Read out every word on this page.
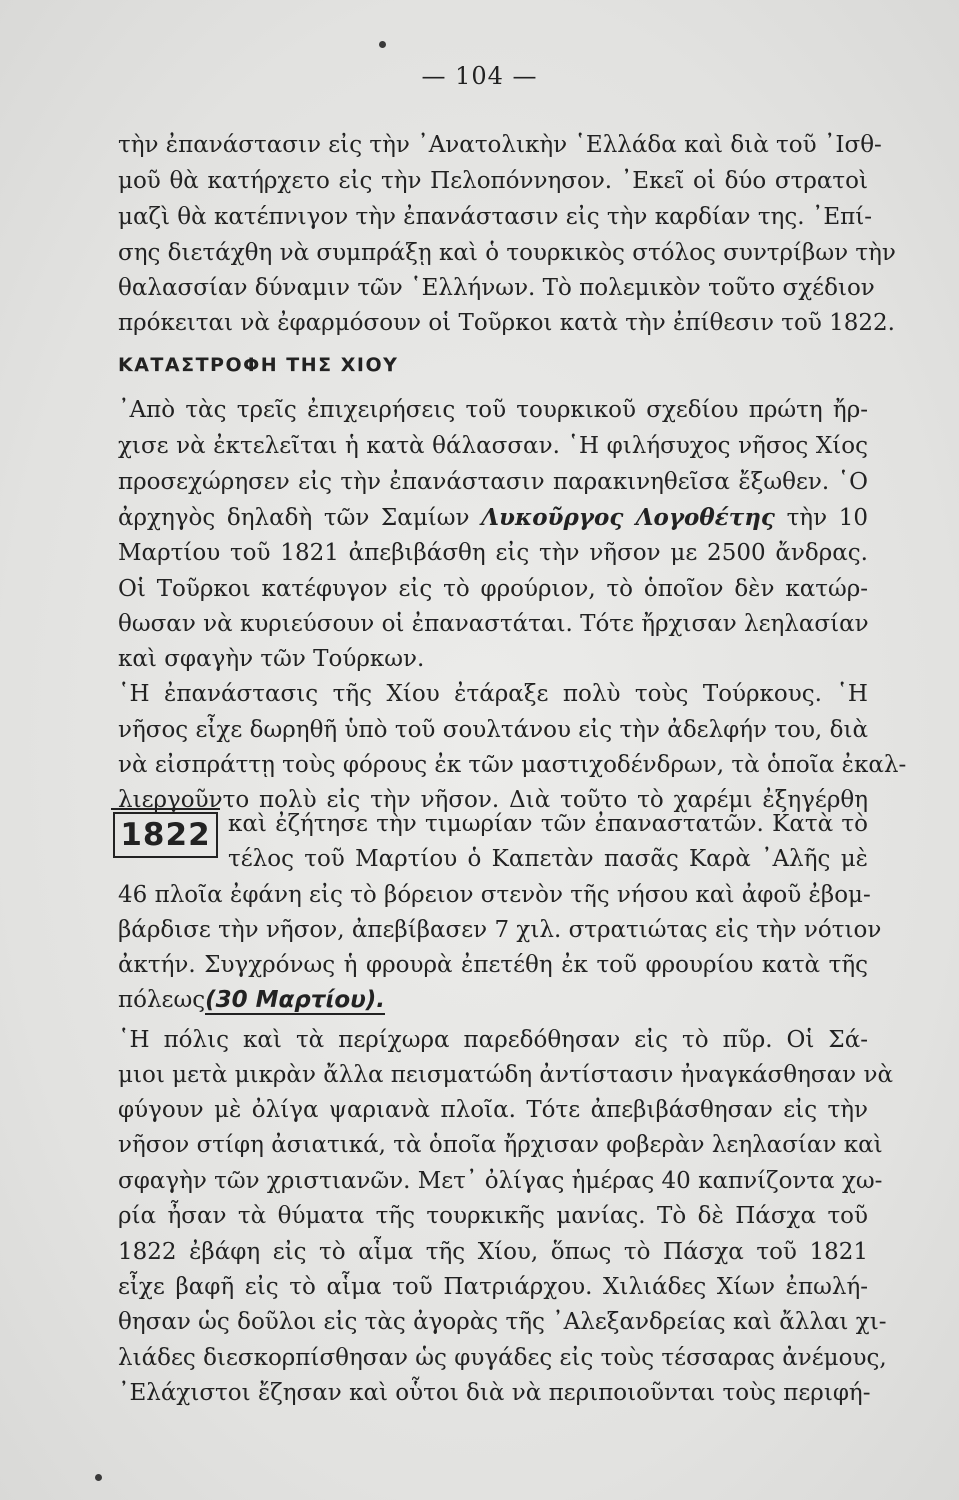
— 104 —
τὴν ἐπανάστασιν εἰς τὴν ᾿Ανατολικὴν ῾Ελλάδα καὶ διὰ τοῦ ᾿Ισθ-
μοῦ θὰ κατήρχετο εἰς τὴν Πελοπόννησον. ᾿Εκεῖ οἱ δύο στρατοὶ
μαζὶ θὰ κατέπνιγον τὴν ἐπανάστασιν εἰς τὴν καρδίαν της. ᾿Επί-
σης διετάχθη νὰ συμπράξῃ καὶ ὁ τουρκικὸς στόλος συντρίβων τὴν
θαλασσίαν δύναμιν τῶν ῾Ελλήνων. Τὸ πολεμικὸν τοῦτο σχέδιον
πρόκειται νὰ ἐφαρμόσουν οἱ Τοῦρκοι κατὰ τὴν ἐπίθεσιν τοῦ 1822.
ΚΑΤΑΣΤΡΟΦΗ ΤΗΣ ΧΙΟΥ
᾿Απὸ τὰς τρεῖς ἐπιχειρήσεις τοῦ τουρκικοῦ σχεδίου πρώτη ἤρ-
χισε νὰ ἐκτελεῖται ἡ κατὰ θάλασσαν. ῾Η φιλήσυχος νῆσος Χίος
προσεχώρησεν εἰς τὴν ἐπανάστασιν παρακινηθεῖσα ἔξωθεν. ῾Ο
ἀρχηγὸς δηλαδὴ τῶν Σαμίων Λυκοῦργος Λογοθέτης τὴν 10
Μαρτίου τοῦ 1821 ἀπεβιβάσθη εἰς τὴν νῆσον με 2500 ἄνδρας.
Οἱ Τοῦρκοι κατέφυγον εἰς τὸ φρούριον, τὸ ὁποῖον δὲν κατώρ-
θωσαν νὰ κυριεύσουν οἱ ἐπαναστάται. Τότε ἤρχισαν λεηλασίαν
καὶ σφαγὴν τῶν Τούρκων.
῾Η ἐπανάστασις τῆς Χίου ἐτάραξε πολὺ τοὺς Τούρκους. ῾Η
νῆσος εἶχε δωρηθῆ ὑπὸ τοῦ σουλτάνου εἰς τὴν ἀδελφήν του, διὰ
νὰ εἰσπράττῃ τοὺς φόρους ἐκ τῶν μαστιχοδένδρων, τὰ ὁποῖα ἐκαλ-
λιεργοῦντο πολὺ εἰς τὴν νῆσον. Διὰ τοῦτο τὸ χαρέμι ἐξηγέρθη
1822 καὶ ἐζήτησε τὴν τιμωρίαν τῶν ἐπαναστατῶν. Κατὰ τὸ
τέλος τοῦ Μαρτίου ὁ Καπετὰν πασᾶς Καρὰ ᾿Αλῆς μὲ
46 πλοῖα ἐφάνη εἰς τὸ βόρειον στενὸν τῆς νήσου καὶ ἀφοῦ ἐβομ-
βάρδισε τὴν νῆσον, ἀπεβίβασεν 7 χιλ. στρατιώτας εἰς τὴν νότιον
ἀκτήν. Συγχρόνως ἡ φρουρὰ ἐπετέθη ἐκ τοῦ φρουρίου κατὰ τῆς
πόλεως(30 Μαρτίου).
῾Η πόλις καὶ τὰ περίχωρα παρεδόθησαν εἰς τὸ πῦρ. Οἱ Σά-
μιοι μετὰ μικρὰν ἄλλα πεισματώδη ἀντίστασιν ἠναγκάσθησαν νὰ
φύγουν μὲ ὀλίγα ψαριανὰ πλοῖα. Τότε ἀπεβιβάσθησαν εἰς τὴν
νῆσον στίφη ἀσιατικά, τὰ ὁποῖα ἤρχισαν φοβερὰν λεηλασίαν καὶ
σφαγὴν τῶν χριστιανῶν. Μετ᾿ ὀλίγας ἡμέρας 40 καπνίζοντα χω-
ρία ἦσαν τὰ θύματα τῆς τουρκικῆς μανίας. Τὸ δὲ Πάσχα τοῦ
1822 ἐβάφη εἰς τὸ αἷμα τῆς Χίου, ὅπως τὸ Πάσχα τοῦ 1821
εἶχε βαφῆ εἰς τὸ αἷμα τοῦ Πατριάρχου. Χιλιάδες Χίων ἐπωλή-
θησαν ὡς δοῦλοι εἰς τὰς ἀγορὰς τῆς ᾿Αλεξανδρείας καὶ ἄλλαι χι-
λιάδες διεσκορπίσθησαν ὡς φυγάδες εἰς τοὺς τέσσαρας ἀνέμους,
᾿Ελάχιστοι ἔζησαν καὶ οὗτοι διὰ νὰ περιποιοῦνται τοὺς περιφή-
